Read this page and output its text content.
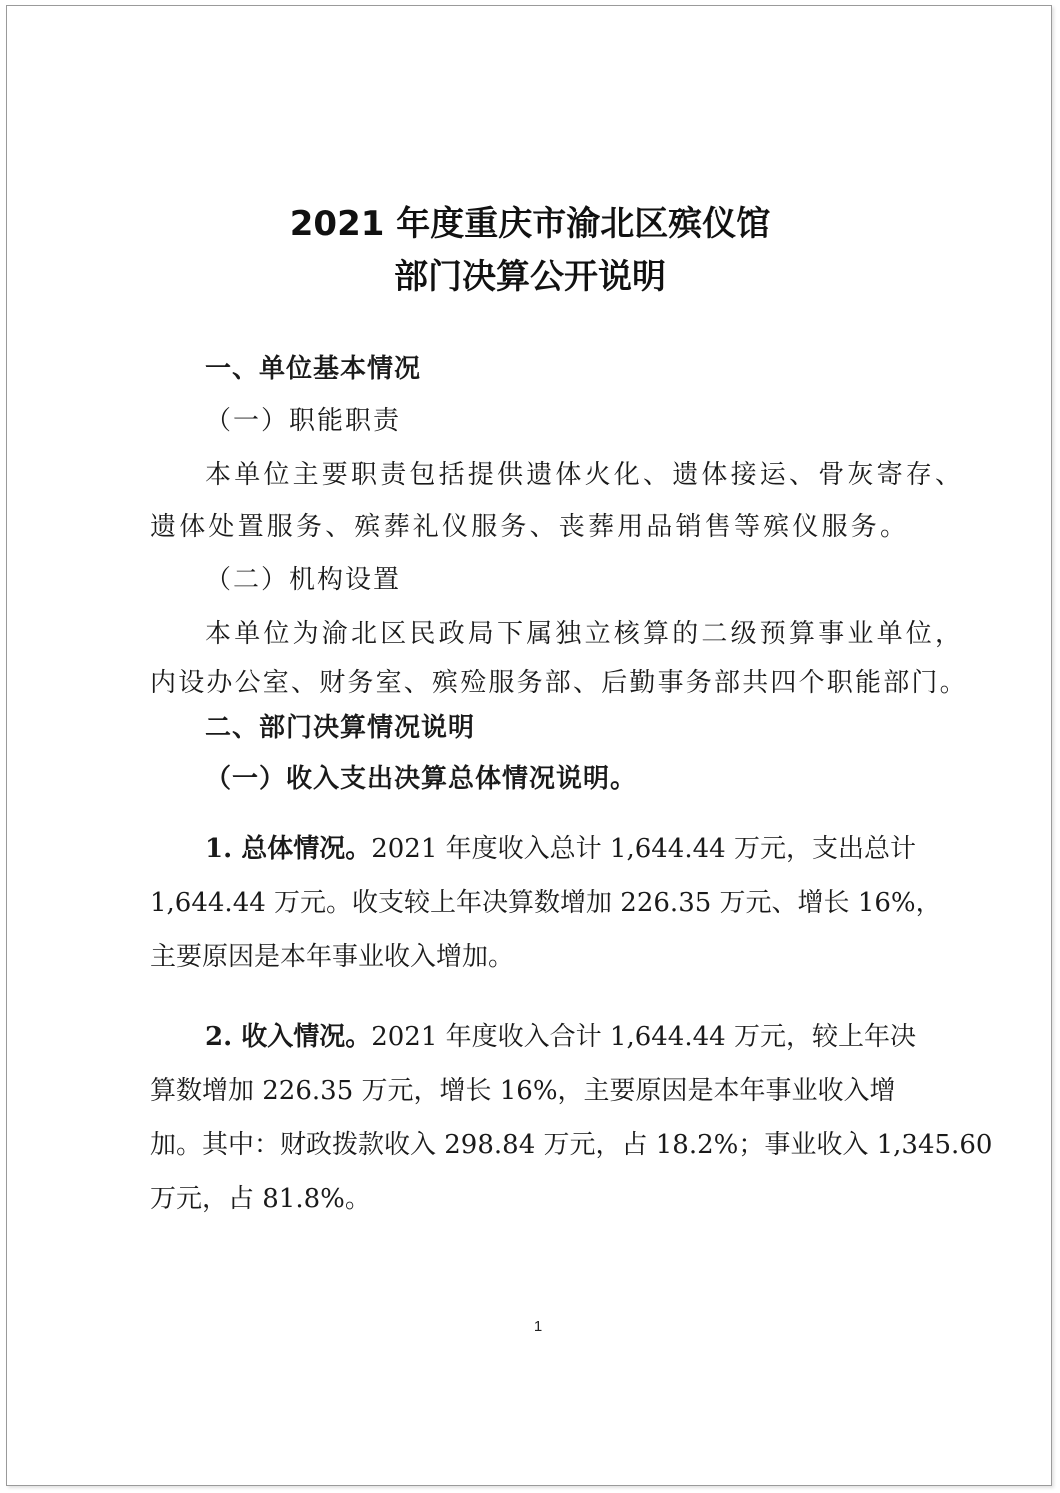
2021 年度重庆市渝北区殡仪馆
部门决算公开说明
一、单位基本情况
（一）职能职责
本单位主要职责包括提供遗体火化、遗体接运、骨灰寄存、
遗体处置服务、殡葬礼仪服务、丧葬用品销售等殡仪服务。
（二）机构设置
本单位为渝北区民政局下属独立核算的二级预算事业单位，
内设办公室、财务室、殡殓服务部、后勤事务部共四个职能部门。
二、部门决算情况说明
（一）收入支出决算总体情况说明。
1. 总体情况。2021 年度收入总计 1,644.44 万元，支出总计
1,644.44 万元。收支较上年决算数增加 226.35 万元、增长 16%，
主要原因是本年事业收入增加。
2. 收入情况。2021 年度收入合计 1,644.44 万元，较上年决
算数增加 226.35 万元，增长 16%，主要原因是本年事业收入增
加。其中：财政拨款收入 298.84 万元，占 18.2%；事业收入 1,345.60
万元，占 81.8%。
1
